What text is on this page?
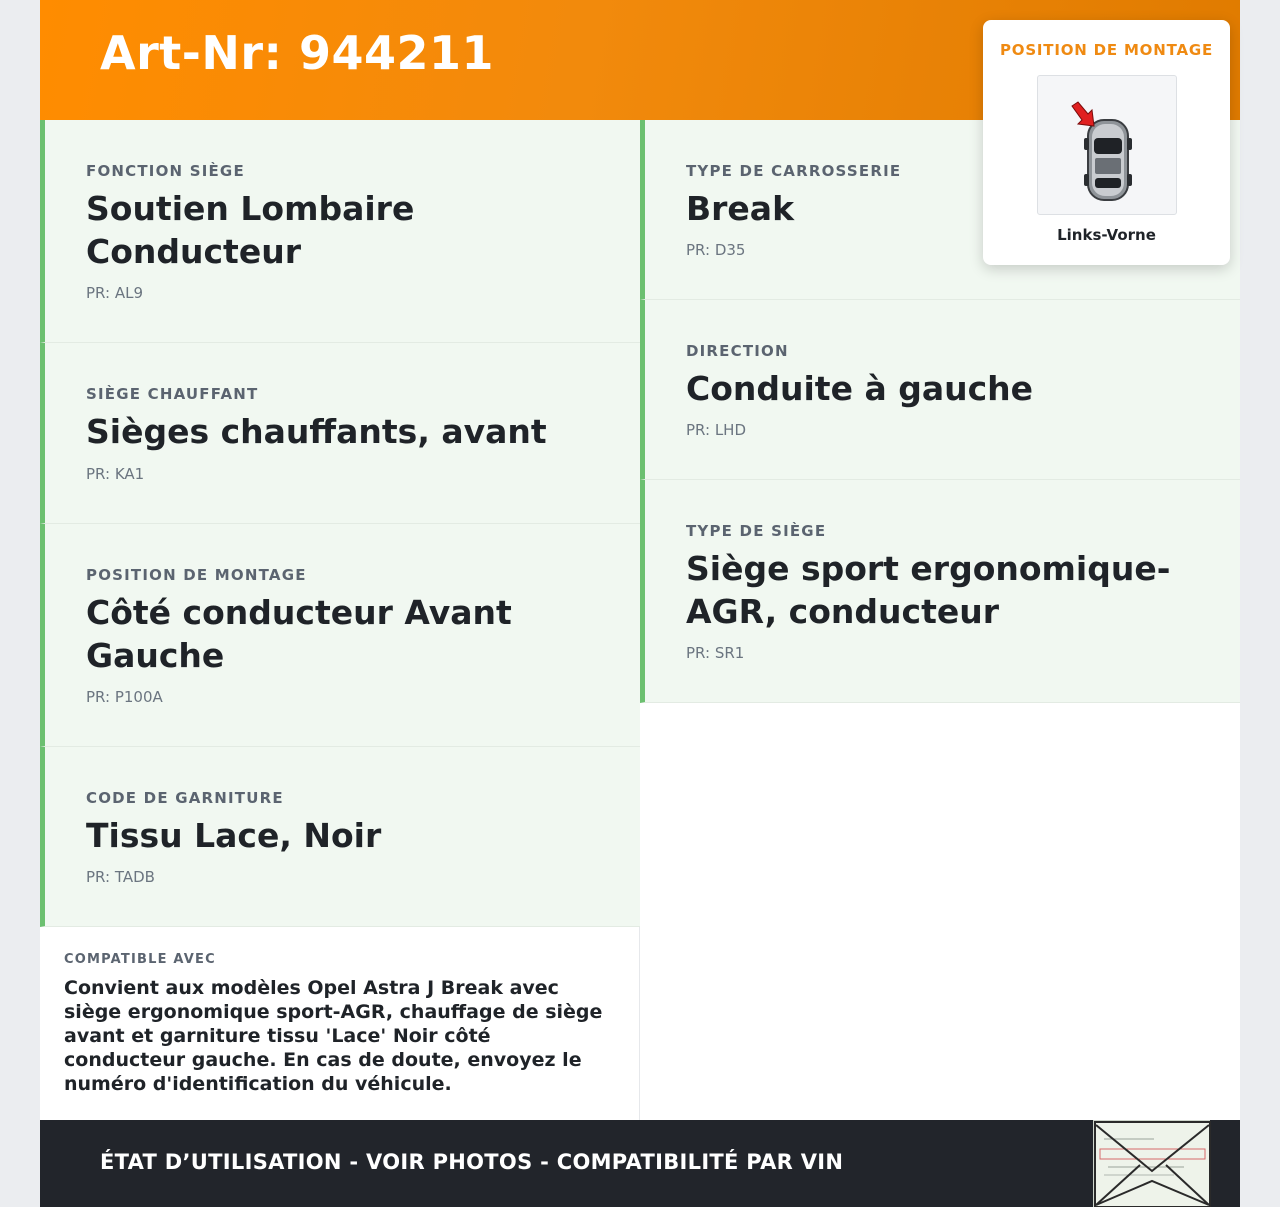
Art-Nr: 944211
FONCTION SIÈGE
Soutien Lombaire Conducteur
PR: AL9
SIÈGE CHAUFFANT
Sièges chauffants, avant
PR: KA1
POSITION DE MONTAGE
Côté conducteur Avant Gauche
PR: P100A
CODE DE GARNITURE
Tissu Lace, Noir
PR: TADB
TYPE DE CARROSSERIE
Break
PR: D35
DIRECTION
Conduite à gauche
PR: LHD
TYPE DE SIÈGE
Siège sport ergonomique-AGR, conducteur
PR: SR1
COMPATIBLE AVEC
Convient aux modèles Opel Astra J Break avec siège ergonomique sport-AGR, chauffage de siège avant et garniture tissu 'Lace' Noir côté conducteur gauche. En cas de doute, envoyez le numéro d'identification du véhicule.
ÉTAT D’UTILISATION - VOIR PHOTOS - COMPATIBILITÉ PAR VIN
POSITION DE MONTAGE
Links-Vorne
